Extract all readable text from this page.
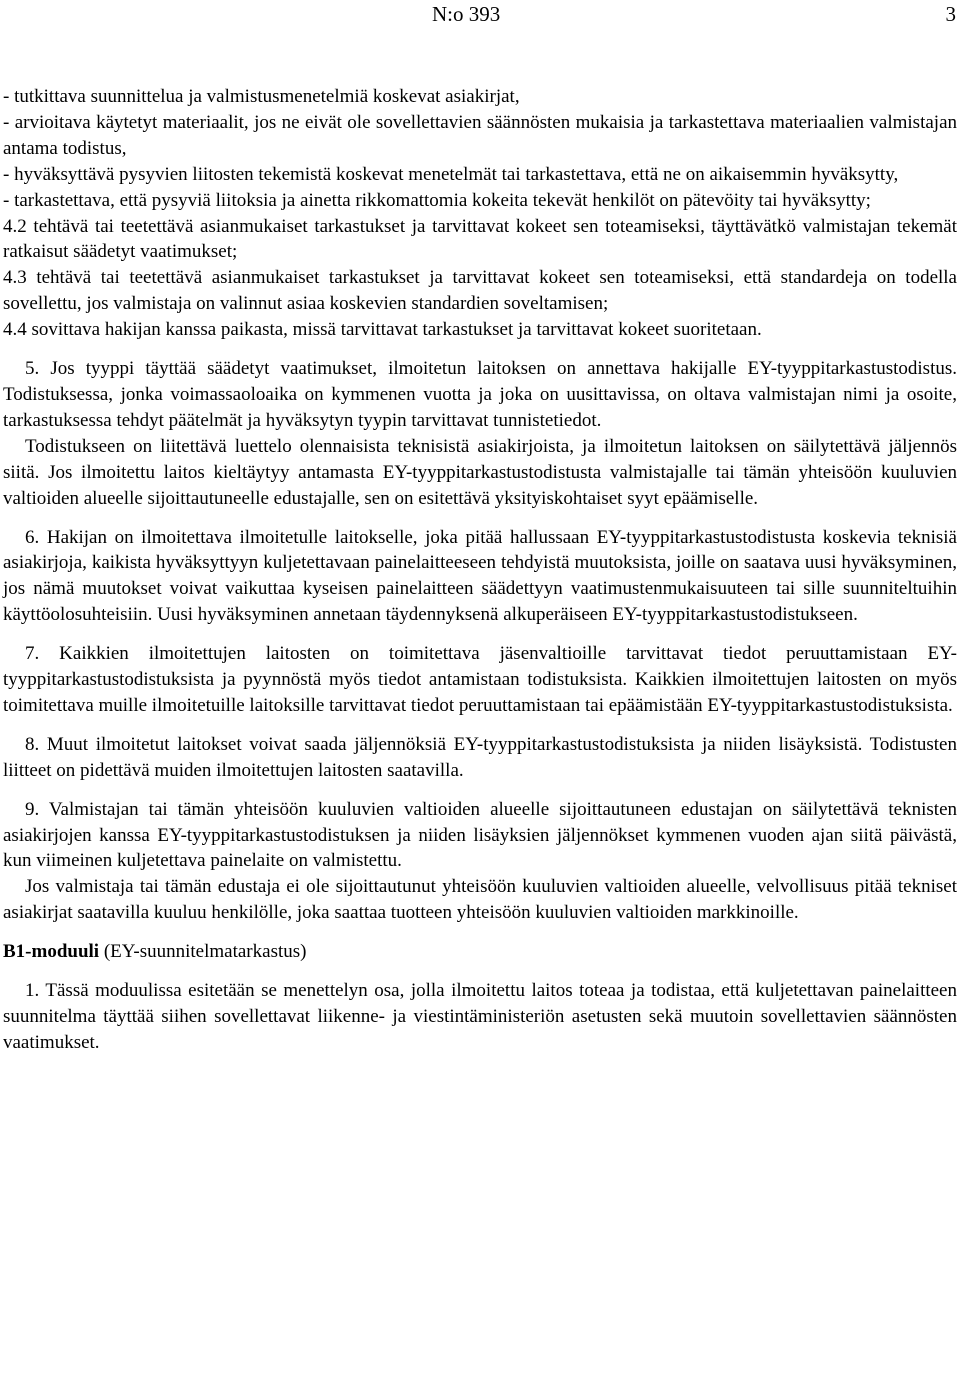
N:o 393	3

- tutkittava suunnittelua ja valmistusmenetelmiä koskevat asiakirjat,

- arvioitava käytetyt materiaalit, jos ne eivät ole sovellettavien säännösten mukaisia ja tarkastettava materiaalien valmistajan antama todistus,

- hyväksyttävä pysyvien liitosten tekemistä koskevat menetelmät tai tarkastettava, että ne on aikaisemmin hyväksytty,

- tarkastettava, että pysyviä liitoksia ja ainetta rikkomattomia kokeita tekevät henkilöt on pätevöity tai hyväksytty;

4.2 tehtävä tai teetettävä asianmukaiset tarkastukset ja tarvittavat kokeet sen toteamiseksi, täyttävätkö valmistajan tekemät ratkaisut säädetyt vaatimukset;

4.3 tehtävä tai teetettävä asianmukaiset tarkastukset ja tarvittavat kokeet sen toteamiseksi, että standardeja on todella sovellettu, jos valmistaja on valinnut asiaa koskevien standardien soveltamisen;

4.4 sovittava hakijan kanssa paikasta, missä tarvittavat tarkastukset ja tarvittavat kokeet suoritetaan.

5. Jos tyyppi täyttää säädetyt vaatimukset, ilmoitetun laitoksen on annettava hakijalle EY-tyyppitarkastustodistus. Todistuksessa, jonka voimassaoloaika on kymmenen vuotta ja joka on uusittavissa, on oltava valmistajan nimi ja osoite, tarkastuksessa tehdyt päätelmät ja hyväksytyn tyypin tarvittavat tunnistetiedot.

Todistukseen on liitettävä luettelo olennaisista teknisistä asiakirjoista, ja ilmoitetun laitoksen on säilytettävä jäljennös siitä. Jos ilmoitettu laitos kieltäytyy antamasta EY-tyyppitarkastustodistusta valmistajalle tai tämän yhteisöön kuuluvien valtioiden alueelle sijoittautuneelle edustajalle, sen on esitettävä yksityiskohtaiset syyt epäämiselle.

6. Hakijan on ilmoitettava ilmoitetulle laitokselle, joka pitää hallussaan EY-tyyppitarkastustodistusta koskevia teknisiä asiakirjoja, kaikista hyväksyttyyn kuljetettavaan painelaitteeseen tehdyistä muutoksista, joille on saatava uusi hyväksyminen, jos nämä muutokset voivat vaikuttaa kyseisen painelaitteen säädettyyn vaatimustenmukaisuuteen tai sille suunniteltuihin käyttöolosuhteisiin. Uusi hyväksyminen annetaan täydennyksenä alkuperäiseen EY-tyyppitarkastustodistukseen.

7. Kaikkien ilmoitettujen laitosten on toimitettava jäsenvaltioille tarvittavat tiedot peruuttamistaan EY-tyyppitarkastustodistuksista ja pyynnöstä myös tiedot antamistaan todistuksista. Kaikkien ilmoitettujen laitosten on myös toimitettava muille ilmoitetuille laitoksille tarvittavat tiedot peruuttamistaan tai epäämistään EY-tyyppitarkastustodistuksista.

8. Muut ilmoitetut laitokset voivat saada jäljennöksiä EY-tyyppitarkastustodistuksista ja niiden lisäyksistä. Todistusten liitteet on pidettävä muiden ilmoitettujen laitosten saatavilla.

9. Valmistajan tai tämän yhteisöön kuuluvien valtioiden alueelle sijoittautuneen edustajan on säilytettävä teknisten asiakirjojen kanssa EY-tyyppitarkastustodistuksen ja niiden lisäyksien jäljennökset kymmenen vuoden ajan siitä päivästä, kun viimeinen kuljetettava painelaite on valmistettu.

Jos valmistaja tai tämän edustaja ei ole sijoittautunut yhteisöön kuuluvien valtioiden alueelle, velvollisuus pitää tekniset asiakirjat saatavilla kuuluu henkilölle, joka saattaa tuotteen yhteisöön kuuluvien valtioiden markkinoille.

B1-moduuli (EY-suunnitelmatarkastus)

1. Tässä moduulissa esitetään se menettelyn osa, jolla ilmoitettu laitos toteaa ja todistaa, että kuljetettavan painelaitteen suunnitelma täyttää siihen sovellettavat liikenne- ja viestintäministeriön asetusten sekä muutoin sovellettavien säännösten vaatimukset.
